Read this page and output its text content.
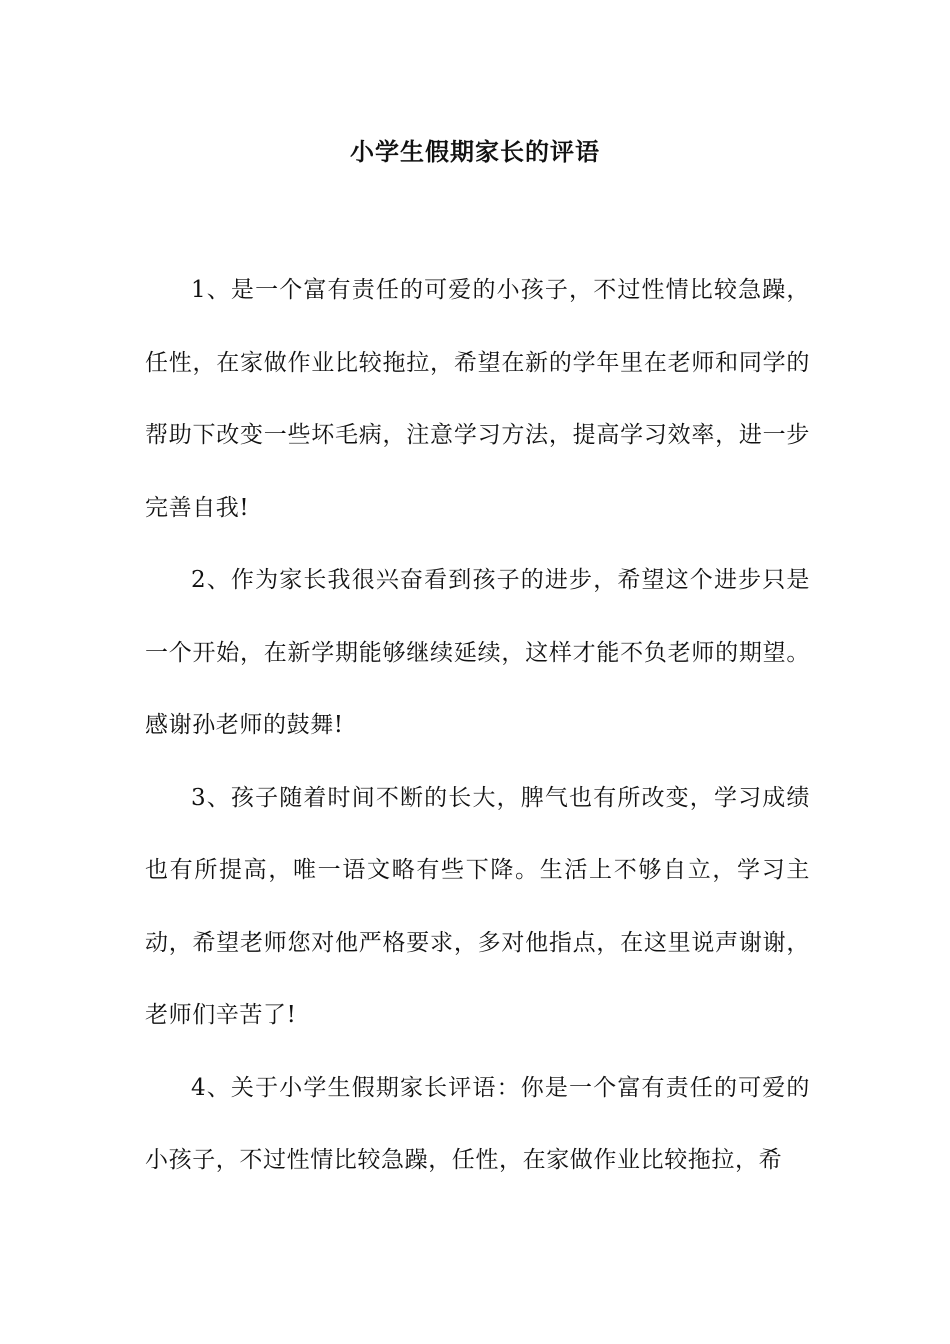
小学生假期家长的评语

1、是一个富有责任的可爱的小孩子，不过性情比较急躁，任性，在家做作业比较拖拉，希望在新的学年里在老师和同学的帮助下改变一些坏毛病，注意学习方法，提高学习效率，进一步完善自我!

2、作为家长我很兴奋看到孩子的进步，希望这个进步只是一个开始，在新学期能够继续延续，这样才能不负老师的期望。感谢孙老师的鼓舞!

3、孩子随着时间不断的长大，脾气也有所改变，学习成绩也有所提高，唯一语文略有些下降。生活上不够自立，学习主动，希望老师您对他严格要求，多对他指点，在这里说声谢谢，老师们辛苦了!

4、关于小学生假期家长评语：你是一个富有责任的可爱的小孩子，不过性情比较急躁，任性，在家做作业比较拖拉，希
